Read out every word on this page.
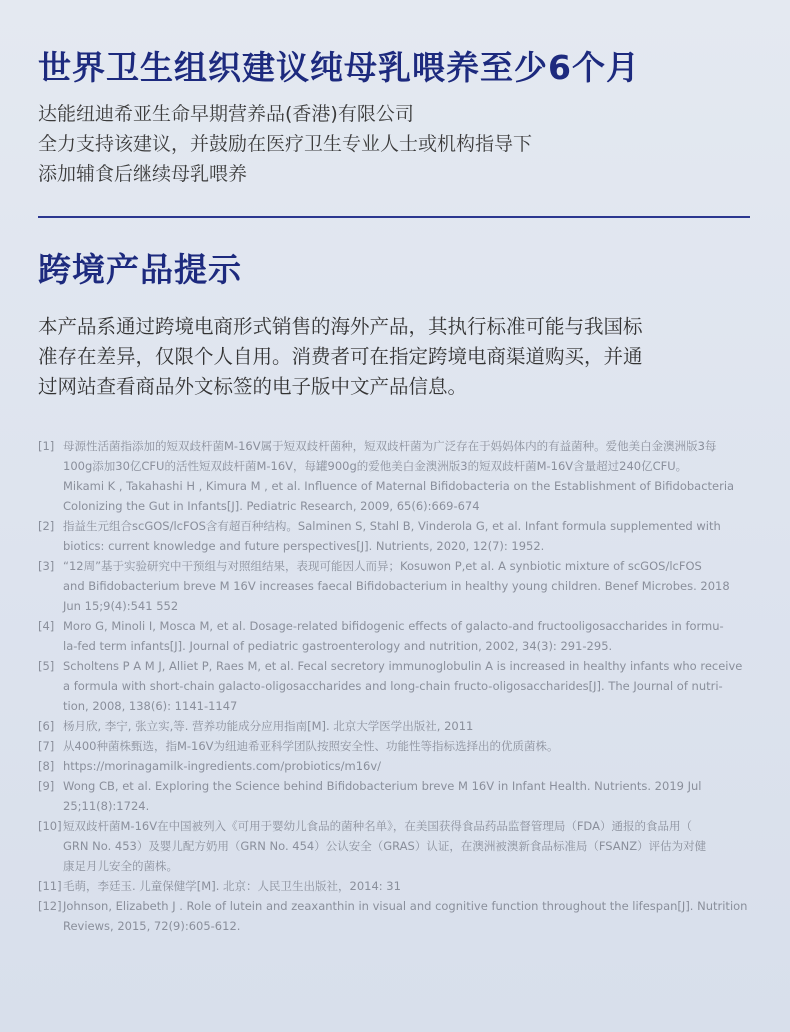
世界卫生组织建议纯母乳喂养至少6个月
达能纽迪希亚生命早期营养品(香港)有限公司
全力支持该建议，并鼓励在医疗卫生专业人士或机构指导下
添加辅食后继续母乳喂养
跨境产品提示
本产品系通过跨境电商形式销售的海外产品，其执行标准可能与我国标
准存在差异，仅限个人自用。消费者可在指定跨境电商渠道购买，并通
过网站查看商品外文标签的电子版中文产品信息。
[1] 母源性活菌指添加的短双歧杆菌M-16V属于短双歧杆菌种，短双歧杆菌为广泛存在于妈妈体内的有益菌种。爱他美白金澳洲版3每
100g添加30亿CFU的活性短双歧杆菌M-16V，每罐900g的爱他美白金澳洲版3的短双歧杆菌M-16V含量超过240亿CFU。
Mikami K , Takahashi H , Kimura M , et al. Influence of Maternal Bifidobacteria on the Establishment of Bifidobacteria
Colonizing the Gut in Infants[J]. Pediatric Research, 2009, 65(6):669-674
[2] 指益生元组合scGOS/lcFOS含有超百种结构。Salminen S, Stahl B, Vinderola G, et al. Infant formula supplemented with
biotics: current knowledge and future perspectives[J]. Nutrients, 2020, 12(7): 1952.
[3] “12周”基于实验研究中干预组与对照组结果，表现可能因人而异；Kosuwon P,et al. A synbiotic mixture of scGOS/lcFOS
and Bifidobacterium breve M 16V increases faecal Bifidobacterium in healthy young children. Benef Microbes. 2018
Jun 15;9(4):541 552
[4] Moro G, Minoli I, Mosca M, et al. Dosage-related bifidogenic effects of galacto-and fructooligosaccharides in formu-
la-fed term infants[J]. Journal of pediatric gastroenterology and nutrition, 2002, 34(3): 291-295.
[5] Scholtens P A M J, Alliet P, Raes M, et al. Fecal secretory immunoglobulin A is increased in healthy infants who receive
a formula with short-chain galacto-oligosaccharides and long-chain fructo-oligosaccharides[J]. The Journal of nutri-
tion, 2008, 138(6): 1141-1147
[6] 杨月欣, 李宁, 张立实,等. 营养功能成分应用指南[M]. 北京大学医学出版社, 2011
[7] 从400种菌株甄选，指M-16V为纽迪希亚科学团队按照安全性、功能性等指标选择出的优质菌株。
[8] https://morinagamilk-ingredients.com/probiotics/m16v/
[9] Wong CB, et al. Exploring the Science behind Bifidobacterium breve M 16V in Infant Health. Nutrients. 2019 Jul
25;11(8):1724.
[10] 短双歧杆菌M-16V在中国被列入《可用于婴幼儿食品的菌种名单》，在美国获得食品药品监督管理局（FDA）通报的食品用（
GRN No. 453）及婴儿配方奶用（GRN No. 454）公认安全（GRAS）认证，在澳洲被澳新食品标准局（FSANZ）评估为对健
康足月儿安全的菌株。
[11] 毛萌，李廷玉. 儿童保健学[M]. 北京：人民卫生出版社，2014: 31
[12] Johnson, Elizabeth J . Role of lutein and zeaxanthin in visual and cognitive function throughout the lifespan[J]. Nutrition
Reviews, 2015, 72(9):605-612.
